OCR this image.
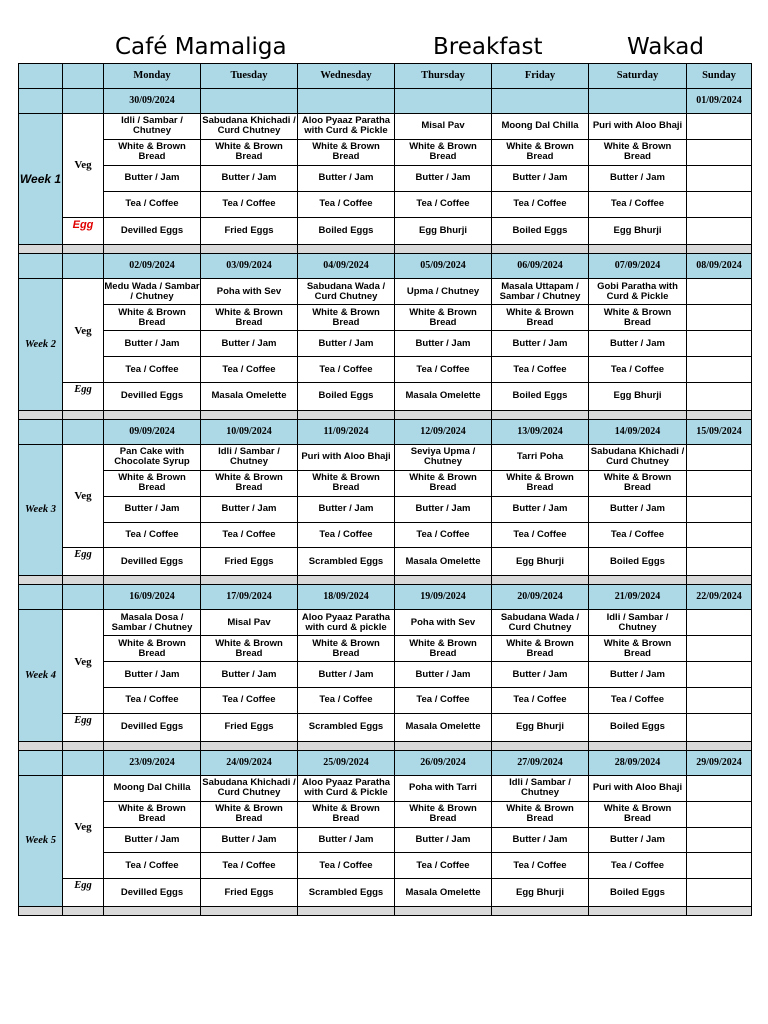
Café Mamaliga	Breakfast	Wakad
		Monday	Tuesday	Wednesday	Thursday	Friday	Saturday	Sunday
		30/09/2024						01/09/2024
Week 1	Veg	Idli / Sambar / Chutney	Sabudana Khichadi / Curd Chutney	Aloo Pyaaz Paratha with Curd & Pickle	Misal Pav	Moong Dal Chilla	Puri with Aloo Bhaji	
		White & Brown Bread	White & Brown Bread	White & Brown Bread	White & Brown Bread	White & Brown Bread	White & Brown Bread	
		Butter / Jam	Butter / Jam	Butter / Jam	Butter / Jam	Butter / Jam	Butter / Jam	
		Tea / Coffee	Tea / Coffee	Tea / Coffee	Tea / Coffee	Tea / Coffee	Tea / Coffee	
	Egg	Devilled Eggs	Fried Eggs	Boiled Eggs	Egg Bhurji	Boiled Eggs	Egg Bhurji	

		02/09/2024	03/09/2024	04/09/2024	05/09/2024	06/09/2024	07/09/2024	08/09/2024
Week 2	Veg	Medu Wada / Sambar / Chutney	Poha with Sev	Sabudana Wada / Curd Chutney	Upma / Chutney	Masala Uttapam / Sambar / Chutney	Gobi Paratha with Curd & Pickle	
		White & Brown Bread	White & Brown Bread	White & Brown Bread	White & Brown Bread	White & Brown Bread	White & Brown Bread	
		Butter / Jam	Butter / Jam	Butter / Jam	Butter / Jam	Butter / Jam	Butter / Jam	
		Tea / Coffee	Tea / Coffee	Tea / Coffee	Tea / Coffee	Tea / Coffee	Tea / Coffee	
	Egg	Devilled Eggs	Masala Omelette	Boiled Eggs	Masala Omelette	Boiled Eggs	Egg Bhurji	

		09/09/2024	10/09/2024	11/09/2024	12/09/2024	13/09/2024	14/09/2024	15/09/2024
Week 3	Veg	Pan Cake with Chocolate Syrup	Idli / Sambar / Chutney	Puri with Aloo Bhaji	Seviya Upma / Chutney	Tarri Poha	Sabudana Khichadi / Curd Chutney	
		White & Brown Bread	White & Brown Bread	White & Brown Bread	White & Brown Bread	White & Brown Bread	White & Brown Bread	
		Butter / Jam	Butter / Jam	Butter / Jam	Butter / Jam	Butter / Jam	Butter / Jam	
		Tea / Coffee	Tea / Coffee	Tea / Coffee	Tea / Coffee	Tea / Coffee	Tea / Coffee	
	Egg	Devilled Eggs	Fried Eggs	Scrambled Eggs	Masala Omelette	Egg Bhurji	Boiled Eggs	

		16/09/2024	17/09/2024	18/09/2024	19/09/2024	20/09/2024	21/09/2024	22/09/2024
Week 4	Veg	Masala Dosa / Sambar / Chutney	Misal Pav	Aloo Pyaaz Paratha with curd & pickle	Poha with Sev	Sabudana Wada / Curd Chutney	Idli / Sambar / Chutney	
		White & Brown Bread	White & Brown Bread	White & Brown Bread	White & Brown Bread	White & Brown Bread	White & Brown Bread	
		Butter / Jam	Butter / Jam	Butter / Jam	Butter / Jam	Butter / Jam	Butter / Jam	
		Tea / Coffee	Tea / Coffee	Tea / Coffee	Tea / Coffee	Tea / Coffee	Tea / Coffee	
	Egg	Devilled Eggs	Fried Eggs	Scrambled Eggs	Masala Omelette	Egg Bhurji	Boiled Eggs	

		23/09/2024	24/09/2024	25/09/2024	26/09/2024	27/09/2024	28/09/2024	29/09/2024
Week 5	Veg	Moong Dal Chilla	Sabudana Khichadi / Curd Chutney	Aloo Pyaaz Paratha with Curd & Pickle	Poha with Tarri	Idli / Sambar / Chutney	Puri with Aloo Bhaji	
		White & Brown Bread	White & Brown Bread	White & Brown Bread	White & Brown Bread	White & Brown Bread	White & Brown Bread	
		Butter / Jam	Butter / Jam	Butter / Jam	Butter / Jam	Butter / Jam	Butter / Jam	
		Tea / Coffee	Tea / Coffee	Tea / Coffee	Tea / Coffee	Tea / Coffee	Tea / Coffee	
	Egg	Devilled Eggs	Fried Eggs	Scrambled Eggs	Masala Omelette	Egg Bhurji	Boiled Eggs	
